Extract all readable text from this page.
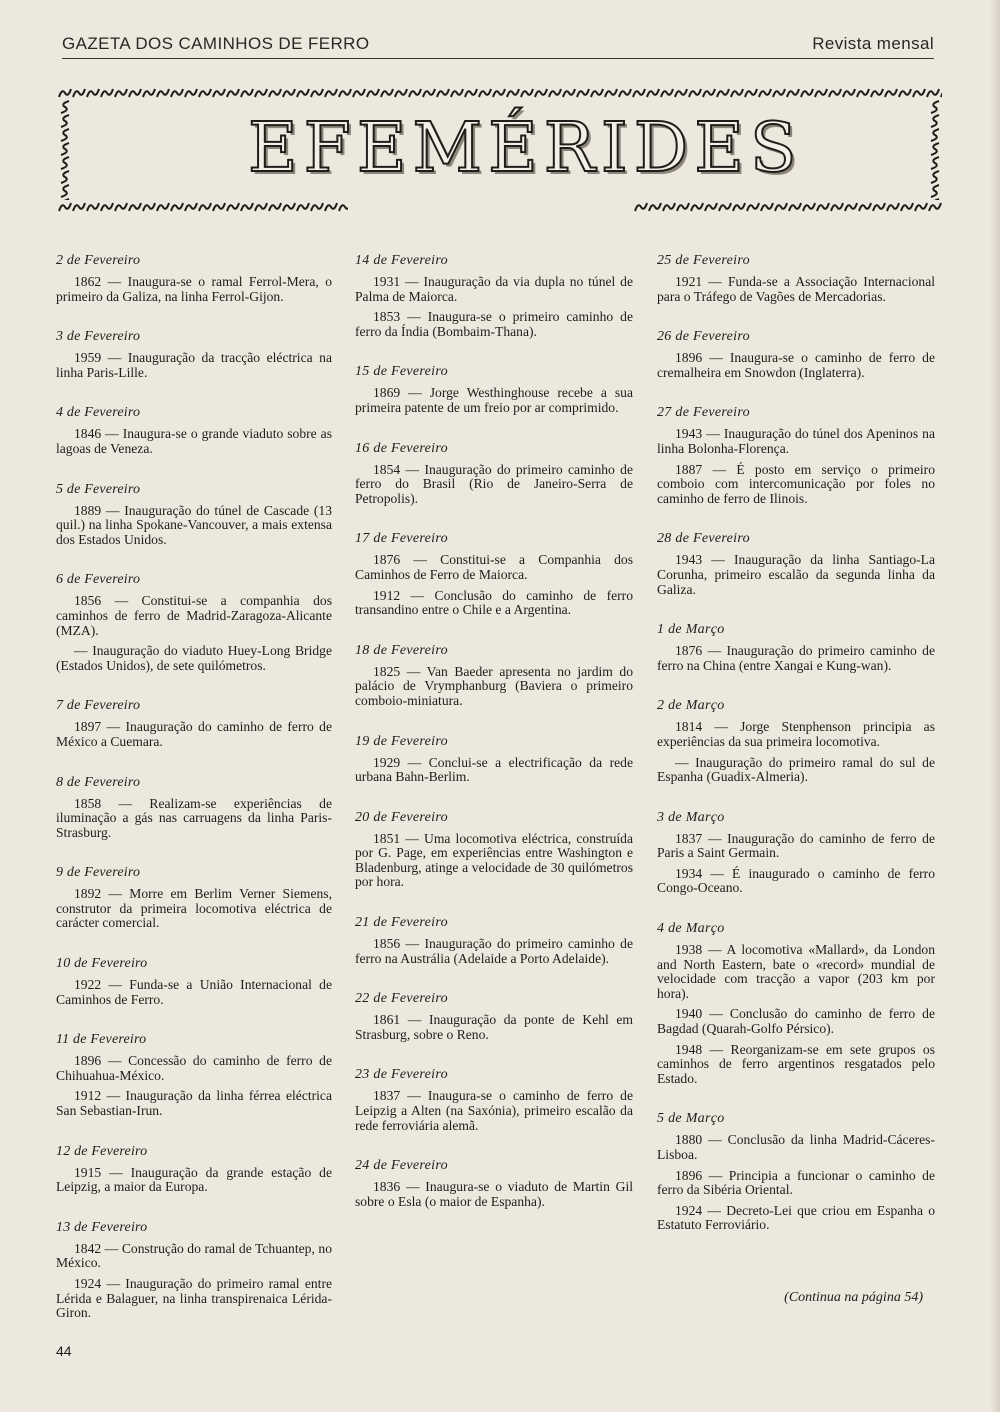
GAZETA DOS CAMINHOS DE FERRO	Revista mensal
EFEMÉRIDES
2 de Fevereiro

1862 — Inaugura-se o ramal Ferrol-Mera, o primeiro da Galiza, na linha Ferrol-Gijon.

3 de Fevereiro

1959 — Inauguração da tracção eléctrica na linha Paris-Lille.

4 de Fevereiro

1846 — Inaugura-se o grande viaduto sobre as lagoas de Veneza.

5 de Fevereiro

1889 — Inauguração do túnel de Cascade (13 quil.) na linha Spokane-Vancouver, a mais extensa dos Estados Unidos.

6 de Fevereiro

1856 — Constitui-se a companhia dos caminhos de ferro de Madrid-Zaragoza-Alicante (MZA).

— Inauguração do viaduto Huey-Long Bridge (Estados Unidos), de sete quilómetros.

7 de Fevereiro

1897 — Inauguração do caminho de ferro de México a Cuemara.

8 de Fevereiro

1858 — Realizam-se experiências de iluminação a gás nas carruagens da linha Paris-Strasburg.

9 de Fevereiro

1892 — Morre em Berlim Verner Siemens, construtor da primeira locomotiva eléctrica de carácter comercial.

10 de Fevereiro

1922 — Funda-se a União Internacional de Caminhos de Ferro.

11 de Fevereiro

1896 — Concessão do caminho de ferro de Chihuahua-México.

1912 — Inauguração da linha férrea eléctrica San Sebastian-Irun.

12 de Fevereiro

1915 — Inauguração da grande estação de Leipzig, a maior da Europa.

13 de Fevereiro

1842 — Construção do ramal de Tchuantep, no México.

1924 — Inauguração do primeiro ramal entre Lérida e Balaguer, na linha transpirenaica Lérida-Giron.

14 de Fevereiro

1931 — Inauguração da via dupla no túnel de Palma de Maiorca.

1853 — Inaugura-se o primeiro caminho de ferro da Índia (Bombaim-Thana).

15 de Fevereiro

1869 — Jorge Westhinghouse recebe a sua primeira patente de um freio por ar comprimido.

16 de Fevereiro

1854 — Inauguração do primeiro caminho de ferro do Brasil (Rio de Janeiro-Serra de Petropolis).

17 de Fevereiro

1876 — Constitui-se a Companhia dos Caminhos de Ferro de Maiorca.

1912 — Conclusão do caminho de ferro transandino entre o Chile e a Argentina.

18 de Fevereiro

1825 — Van Baeder apresenta no jardim do palácio de Vrymphanburg (Baviera o primeiro comboio-miniatura.

19 de Fevereiro

1929 — Conclui-se a electrificação da rede urbana Bahn-Berlim.

20 de Fevereiro

1851 — Uma locomotiva eléctrica, construída por G. Page, em experiências entre Washington e Bladenburg, atinge a velocidade de 30 quilómetros por hora.

21 de Fevereiro

1856 — Inauguração do primeiro caminho de ferro na Austrália (Adelaide a Porto Adelaide).

22 de Fevereiro

1861 — Inauguração da ponte de Kehl em Strasburg, sobre o Reno.

23 de Fevereiro

1837 — Inaugura-se o caminho de ferro de Leipzig a Alten (na Saxónia), primeiro escalão da rede ferroviária alemã.

24 de Fevereiro

1836 — Inaugura-se o viaduto de Martin Gil sobre o Esla (o maior de Espanha).

25 de Fevereiro

1921 — Funda-se a Associação Internacional para o Tráfego de Vagões de Mercadorias.

26 de Fevereiro

1896 — Inaugura-se o caminho de ferro de cremalheira em Snowdon (Inglaterra).

27 de Fevereiro

1943 — Inauguração do túnel dos Apeninos na linha Bolonha-Florença.

1887 — É posto em serviço o primeiro comboio com intercomunicação por foles no caminho de ferro de Ilinois.

28 de Fevereiro

1943 — Inauguração da linha Santiago-La Corunha, primeiro escalão da segunda linha da Galiza.

1 de Março

1876 — Inauguração do primeiro caminho de ferro na China (entre Xangai e Kung-wan).

2 de Março

1814 — Jorge Stenphenson principia as experiências da sua primeira locomotiva.

— Inauguração do primeiro ramal do sul de Espanha (Guadix-Almeria).

3 de Março

1837 — Inauguração do caminho de ferro de Paris a Saint Germain.

1934 — É inaugurado o caminho de ferro Congo-Oceano.

4 de Março

1938 — A locomotiva «Mallard», da London and North Eastern, bate o «record» mundial de velocidade com tracção a vapor (203 km por hora).

1940 — Conclusão do caminho de ferro de Bagdad (Quarah-Golfo Pérsico).

1948 — Reorganizam-se em sete grupos os caminhos de ferro argentinos resgatados pelo Estado.

5 de Março

1880 — Conclusão da linha Madrid-Cáceres-Lisboa.

1896 — Principia a funcionar o caminho de ferro da Sibéria Oriental.

1924 — Decreto-Lei que criou em Espanha o Estatuto Ferroviário.

(Continua na página 54)
44
